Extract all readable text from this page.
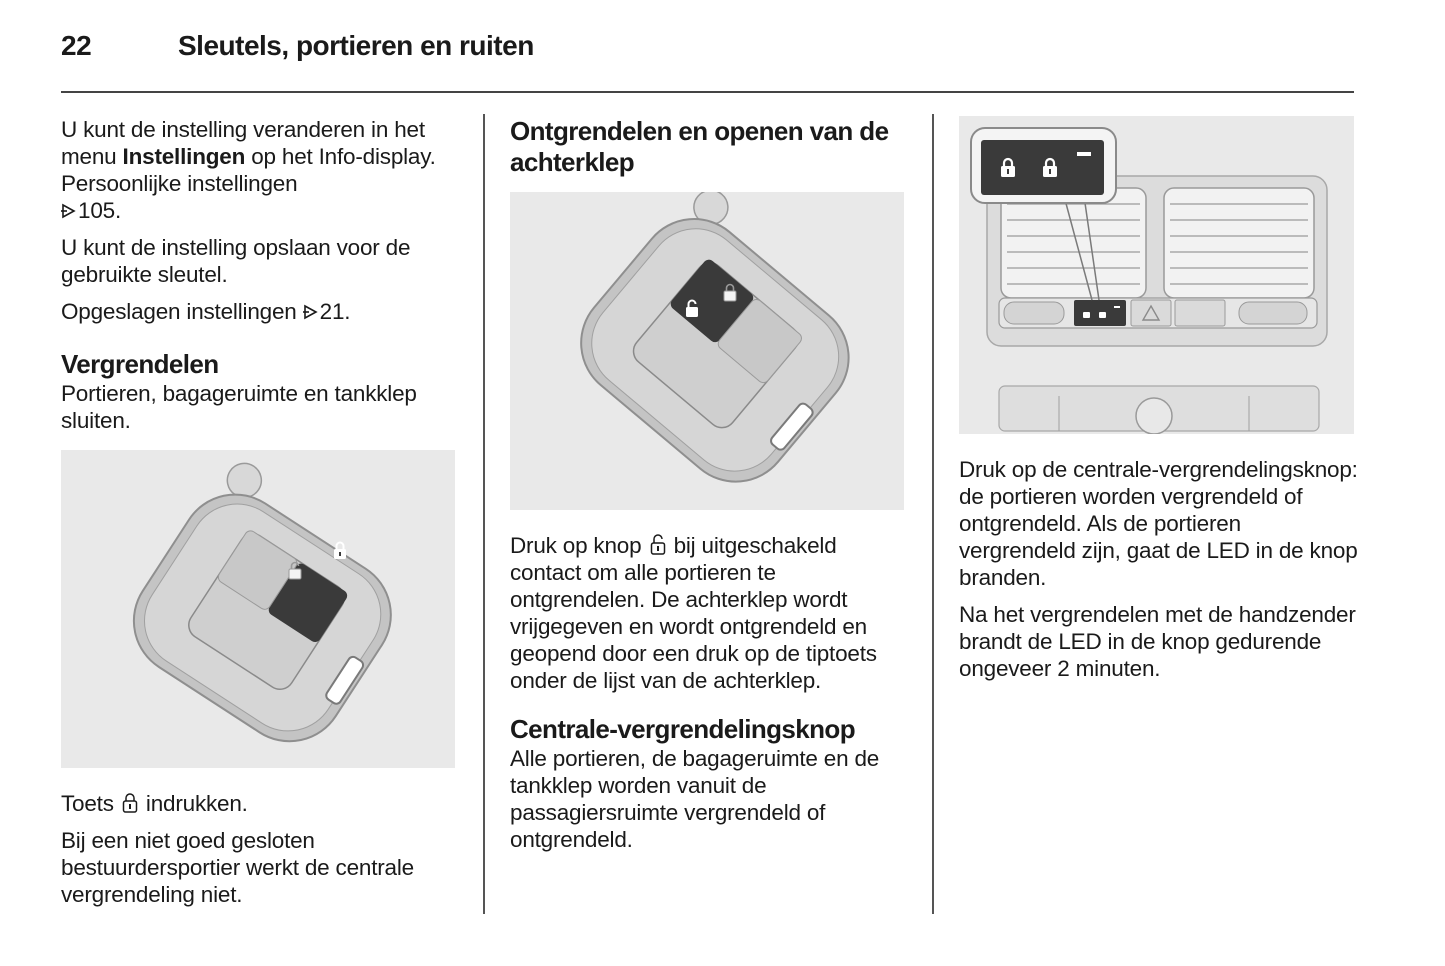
22	Sleutels, portieren en ruiten

U kunt de instelling veranderen in het menu Instellingen op het Info-display. Persoonlijke instellingen
105.

U kunt de instelling opslaan voor de gebruikte sleutel.

Opgeslagen instellingen 21.

Vergrendelen

Portieren, bagageruimte en tankklep sluiten.

Toets indrukken.

Bij een niet goed gesloten bestuurdersportier werkt de centrale vergrendeling niet.

Ontgrendelen en openen van de achterklep

Druk op knop bij uitgeschakeld contact om alle portieren te ontgrendelen. De achterklep wordt vrijgegeven en wordt ontgrendeld en geopend door een druk op de tiptoets onder de lijst van de achterklep.

Centrale-vergrendelingsknop

Alle portieren, de bagageruimte en de tankklep worden vanuit de passagiersruimte vergrendeld of ontgrendeld.

Druk op de centrale-vergrendelingsknop: de portieren worden vergrendeld of ontgrendeld. Als de portieren vergrendeld zijn, gaat de LED in de knop branden.

Na het vergrendelen met de handzender brandt de LED in de knop gedurende ongeveer 2 minuten.
